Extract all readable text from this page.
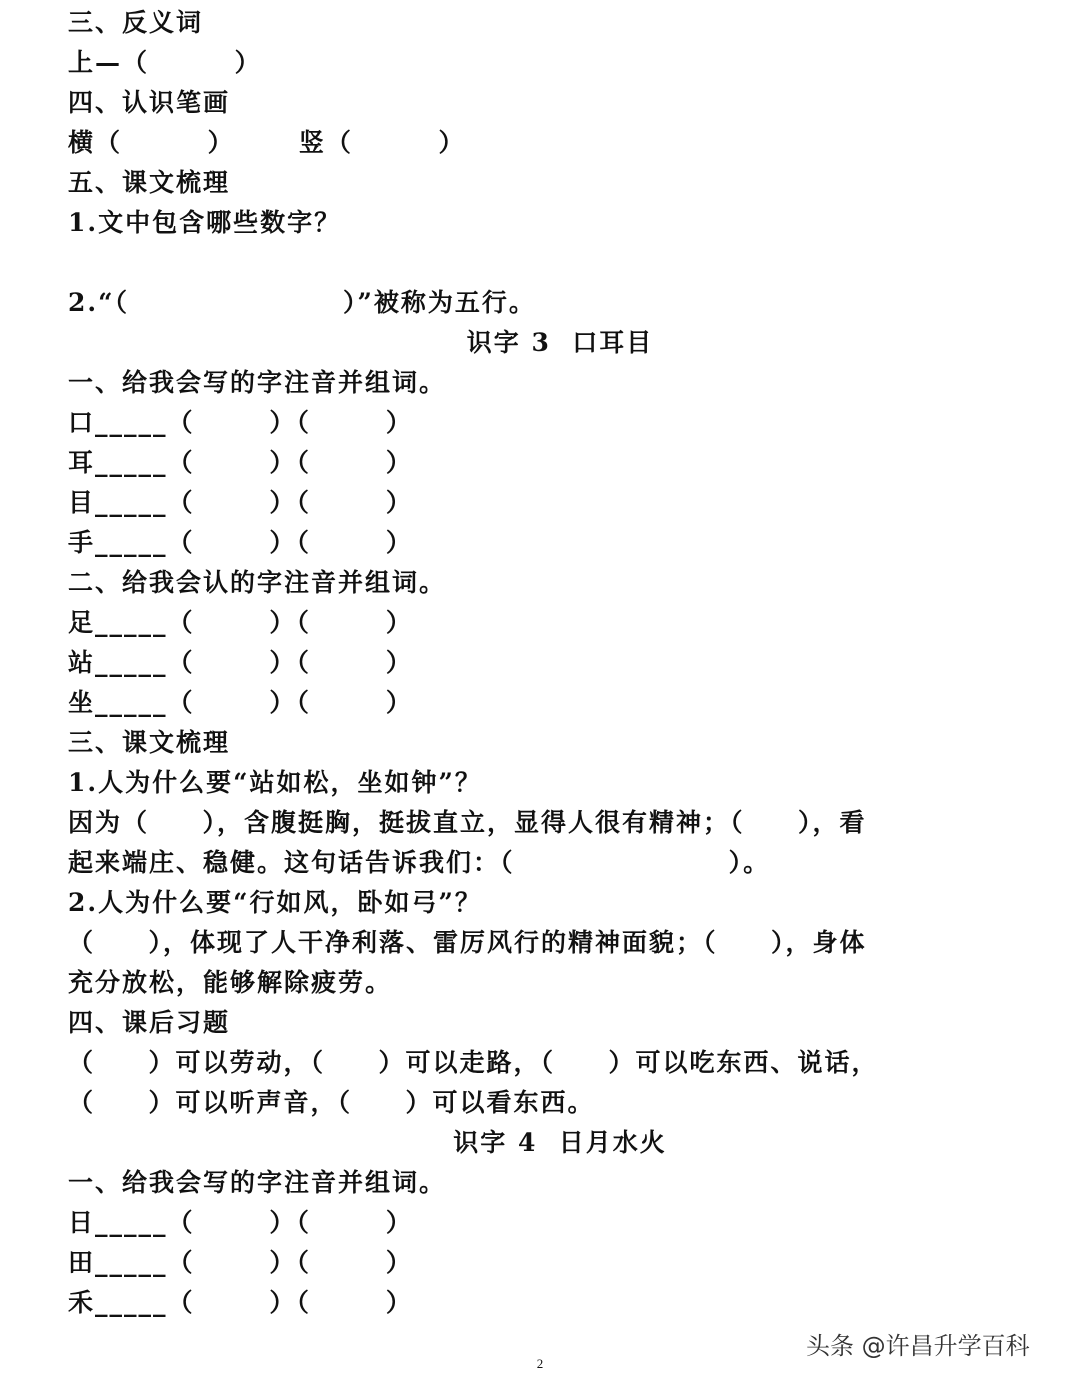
三、反义词
上—（        ）
四、认识笔画
横（        ）      竖（        ）
五、课文梳理
1.文中包含哪些数字？
2.“（                    ）”被称为五行。
识字 3  口耳目
一、给我会写的字注音并组词。
口_____（       ）（       ）
耳_____（       ）（       ）
目_____（       ）（       ）
手_____（       ）（       ）
二、给我会认的字注音并组词。
足_____（       ）（       ）
站_____（       ）（       ）
坐_____（       ）（       ）
三、课文梳理
1.人为什么要“站如松，坐如钟”？
因为（     ），含腹挺胸，挺拔直立，显得人很有精神；（     ），看
起来端庄、稳健。这句话告诉我们：（                    ）。
2.人为什么要“行如风，卧如弓”？
（     ），体现了人干净利落、雷厉风行的精神面貌；（     ），身体
充分放松，能够解除疲劳。
四、课后习题
（     ）可以劳动，（     ）可以走路，（     ）可以吃东西、说话，
（     ）可以听声音，（     ）可以看东西。
识字 4  日月水火
一、给我会写的字注音并组词。
日_____（       ）（       ）
田_____（       ）（       ）
禾_____（       ）（       ）
头条 @许昌升学百科
2
